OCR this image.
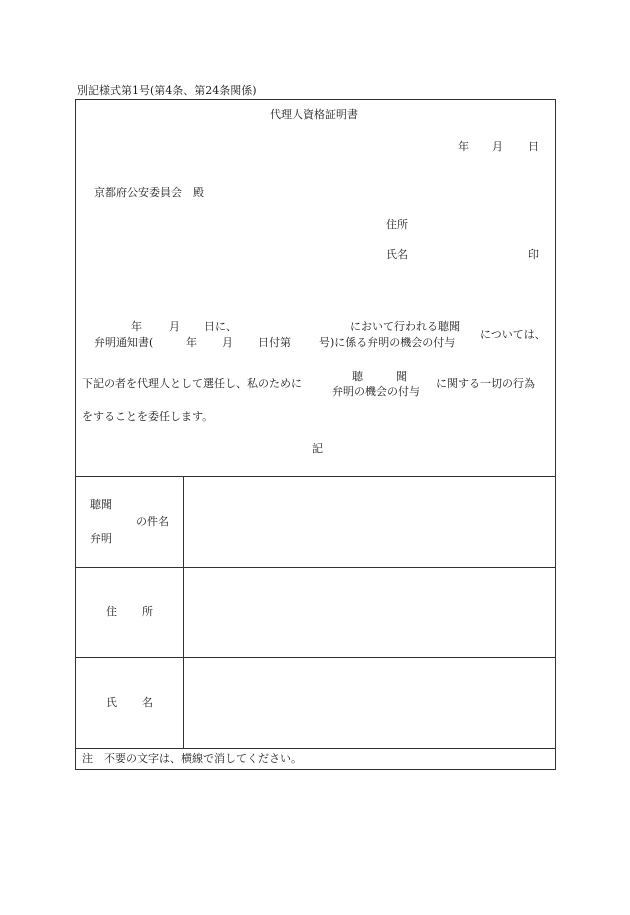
別記様式第1号(第4条、第24条関係)
代理人資格証明書
年 月 日
京都府公安委員会　殿
住所
氏名	印
年 月 日に、	において行われる聴聞
弁明通知書(	年 月 日付第	号)に係る弁明の機会の付与
については、
下記の者を代理人として選任し、私のために
聴	聞
弁明の機会の付与
に関する一切の行為
をすることを委任します。
記
聴聞
の件名
弁明
住 所
氏 名
注　不要の文字は、横線で消してください。
